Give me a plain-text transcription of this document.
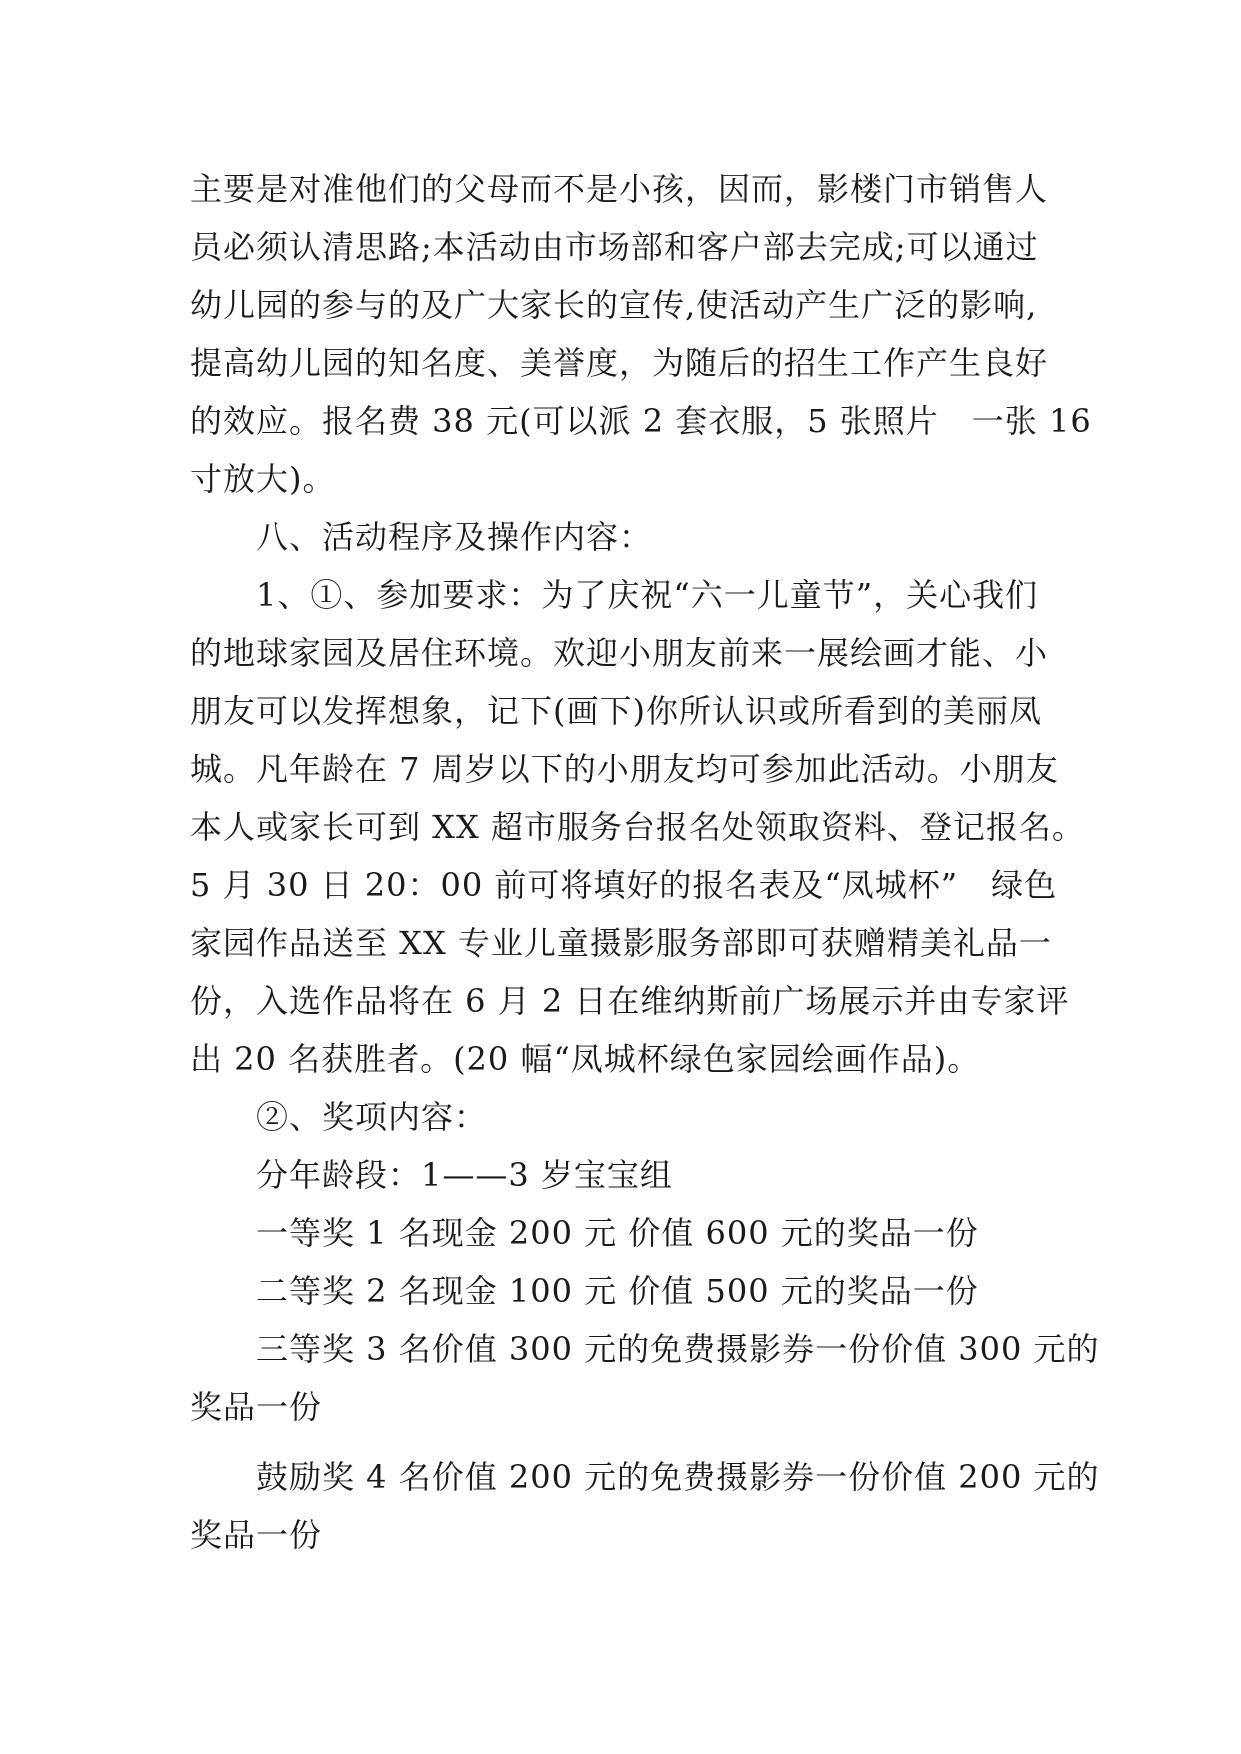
主要是对准他们的父母而不是小孩，因而，影楼门市销售人
员必须认清思路;本活动由市场部和客户部去完成;可以通过
幼儿园的参与的及广大家长的宣传,使活动产生广泛的影响,
提高幼儿园的知名度、美誉度，为随后的招生工作产生良好
的效应。报名费 38 元(可以派 2 套衣服，5 张照片　一张 16
寸放大)。
八、活动程序及操作内容：
1、①、参加要求：为了庆祝“六一儿童节”，关心我们
的地球家园及居住环境。欢迎小朋友前来一展绘画才能、小
朋友可以发挥想象，记下(画下)你所认识或所看到的美丽凤
城。凡年龄在 7 周岁以下的小朋友均可参加此活动。小朋友
本人或家长可到 XX 超市服务台报名处领取资料、登记报名。
5 月 30 日 20：00 前可将填好的报名表及“凤城杯”　绿色
家园作品送至 XX 专业儿童摄影服务部即可获赠精美礼品一
份，入选作品将在 6 月 2 日在维纳斯前广场展示并由专家评
出 20 名获胜者。(20 幅“凤城杯绿色家园绘画作品)。
②、奖项内容：
分年龄段：1——3 岁宝宝组
一等奖 1 名现金 200 元 价值 600 元的奖品一份
二等奖 2 名现金 100 元 价值 500 元的奖品一份
三等奖 3 名价值 300 元的免费摄影券一份价值 300 元的
奖品一份
鼓励奖 4 名价值 200 元的免费摄影券一份价值 200 元的
奖品一份
